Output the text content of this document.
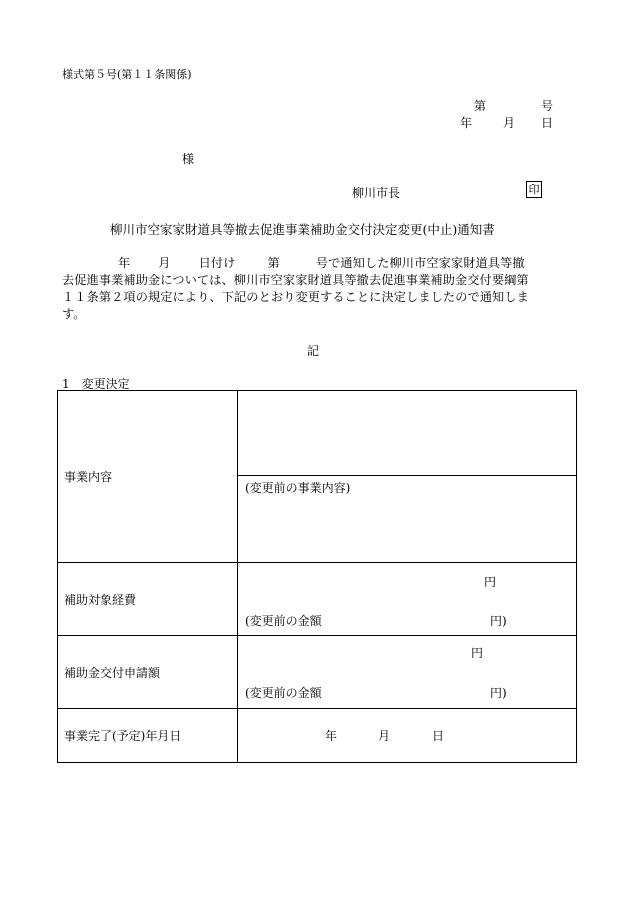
様式第５号(第１１条関係)
第	号
年	月 日
様
柳川市長	印
柳川市空家家財道具等撤去促進事業補助金交付決定変更(中止)通知書
年 月 日付け	第	号で通知した柳川市空家家財道具等撤
去促進事業補助金については、柳川市空家家財道具等撤去促進事業補助金交付要綱第
１１条第２項の規定により、下記のとおり変更することに決定しましたので通知しま
す。
記
1　変更決定
事業内容	

	(変更前の事業内容)

補助対象経費	円
(変更前の金額 円)

補助金交付申請額	円
(変更前の金額 円)

事業完了(予定)年月日	年 月 日
